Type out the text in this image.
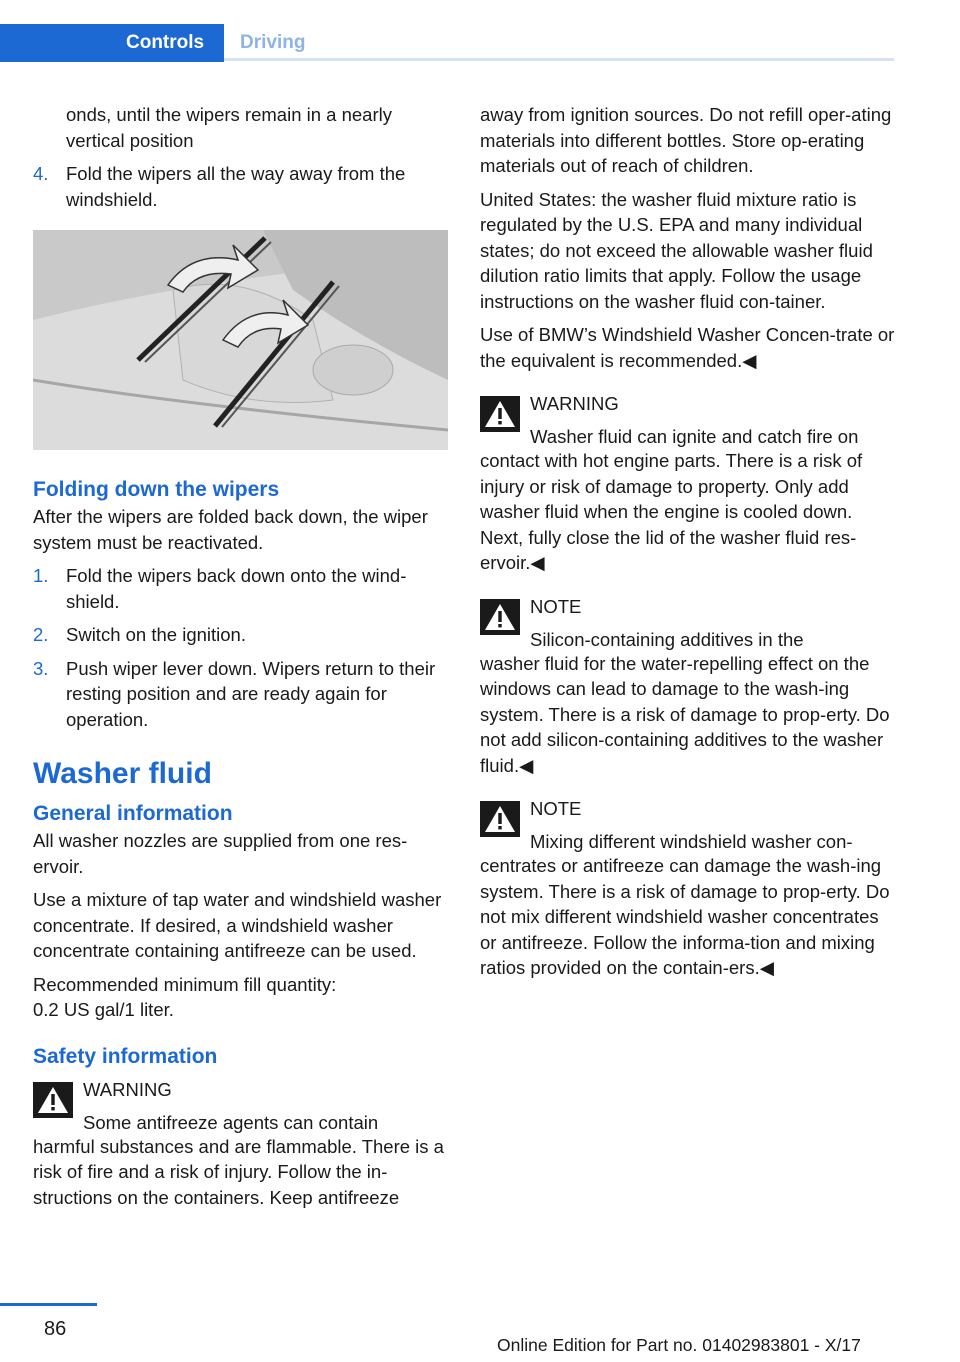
Controls Driving

onds, until the wipers remain in a nearly vertical position

4. Fold the wipers all the way away from the windshield.
Folding down the wipers

After the wipers are folded back down, the wiper system must be reactivated.

1. Fold the wipers back down onto the wind‐shield.
2. Switch on the ignition.
3. Push wiper lever down. Wipers return to their resting position and are ready again for operation.
Washer fluid
General information

All washer nozzles are supplied from one res‐ervoir.

Use a mixture of tap water and windshield washer concentrate. If desired, a windshield washer concentrate containing antifreeze can be used.

Recommended minimum fill quantity:
0.2 US gal/1 liter.

Safety information
WARNING
Some antifreeze agents can contain

harmful substances and are flammable. There is a risk of fire and a risk of injury. Follow the in‐structions on the containers. Keep antifreeze

away from ignition sources. Do not refill oper‐ating materials into different bottles. Store op‐erating materials out of reach of children.

United States: the washer fluid mixture ratio is regulated by the U.S. EPA and many individual states; do not exceed the allowable washer fluid dilution ratio limits that apply. Follow the usage instructions on the washer fluid con‐tainer.

Use of BMW’s Windshield Washer Concen‐trate or the equivalent is recommended.◀

WARNING
Washer fluid can ignite and catch fire on

contact with hot engine parts. There is a risk of injury or risk of damage to property. Only add washer fluid when the engine is cooled down. Next, fully close the lid of the washer fluid res‐ervoir.◀

NOTE
Silicon-containing additives in the

washer fluid for the water-repelling effect on the windows can lead to damage to the wash‐ing system. There is a risk of damage to prop‐erty. Do not add silicon-containing additives to the washer fluid.◀

NOTE
Mixing different windshield washer con‐

centrates or antifreeze can damage the wash‐ing system. There is a risk of damage to prop‐erty. Do not mix different windshield washer concentrates or antifreeze. Follow the informa‐tion and mixing ratios provided on the contain‐ers.◀

86
Online Edition for Part no. 01402983801 - X/17
